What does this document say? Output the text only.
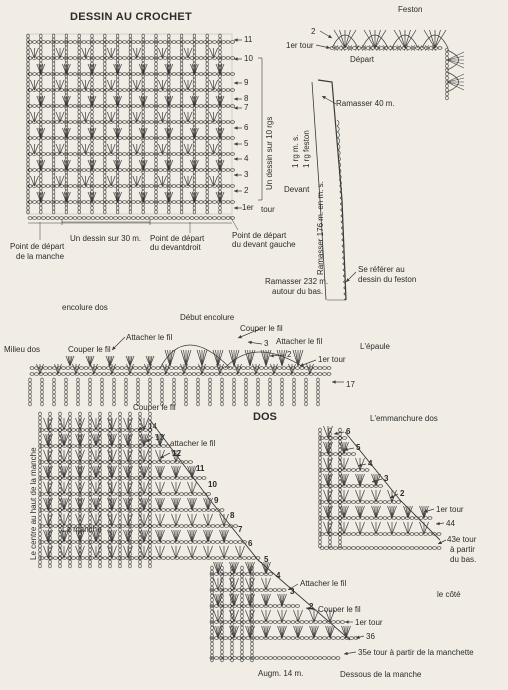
DESSIN AU CROCHET
11
10
9
8
7
6
5
4
3
2
1er tour
Un dessin sur 10 rgs
Un dessin sur 30 m.
Point de départ
de la manche
Point de départ
du devantdroit
Point de départ
du devant gauche
Feston
2
1er tour
Départ
Ramasser 40 m.
1 rg m. s. 1 rg feston
Devant Ramasser 176 m. en m. s.
Ramasser 232 m.
autour du bas.
Se référer au
dessin du feston
encolure dos
Début encolure
Couper le fil
Attacher le fil
Milieu dos	Couper le fil
Attacher le fil
L'épaule
3
2
1er tour
17
DOS
Couper le fil
attacher le fil
14
13
12
11
10
9
8
7
6
5
4
3
2
1er tour
36
Attacher le fil
Couper le fil
Le centre au haut de la manche	La manche
35e tour à partir de la manchette
Augm. 14 m.	Dessous de la manche
L'emmanchure dos
6
5
4
3
2
1er tour
44
43e tour
à partir
du bas.
le côté
